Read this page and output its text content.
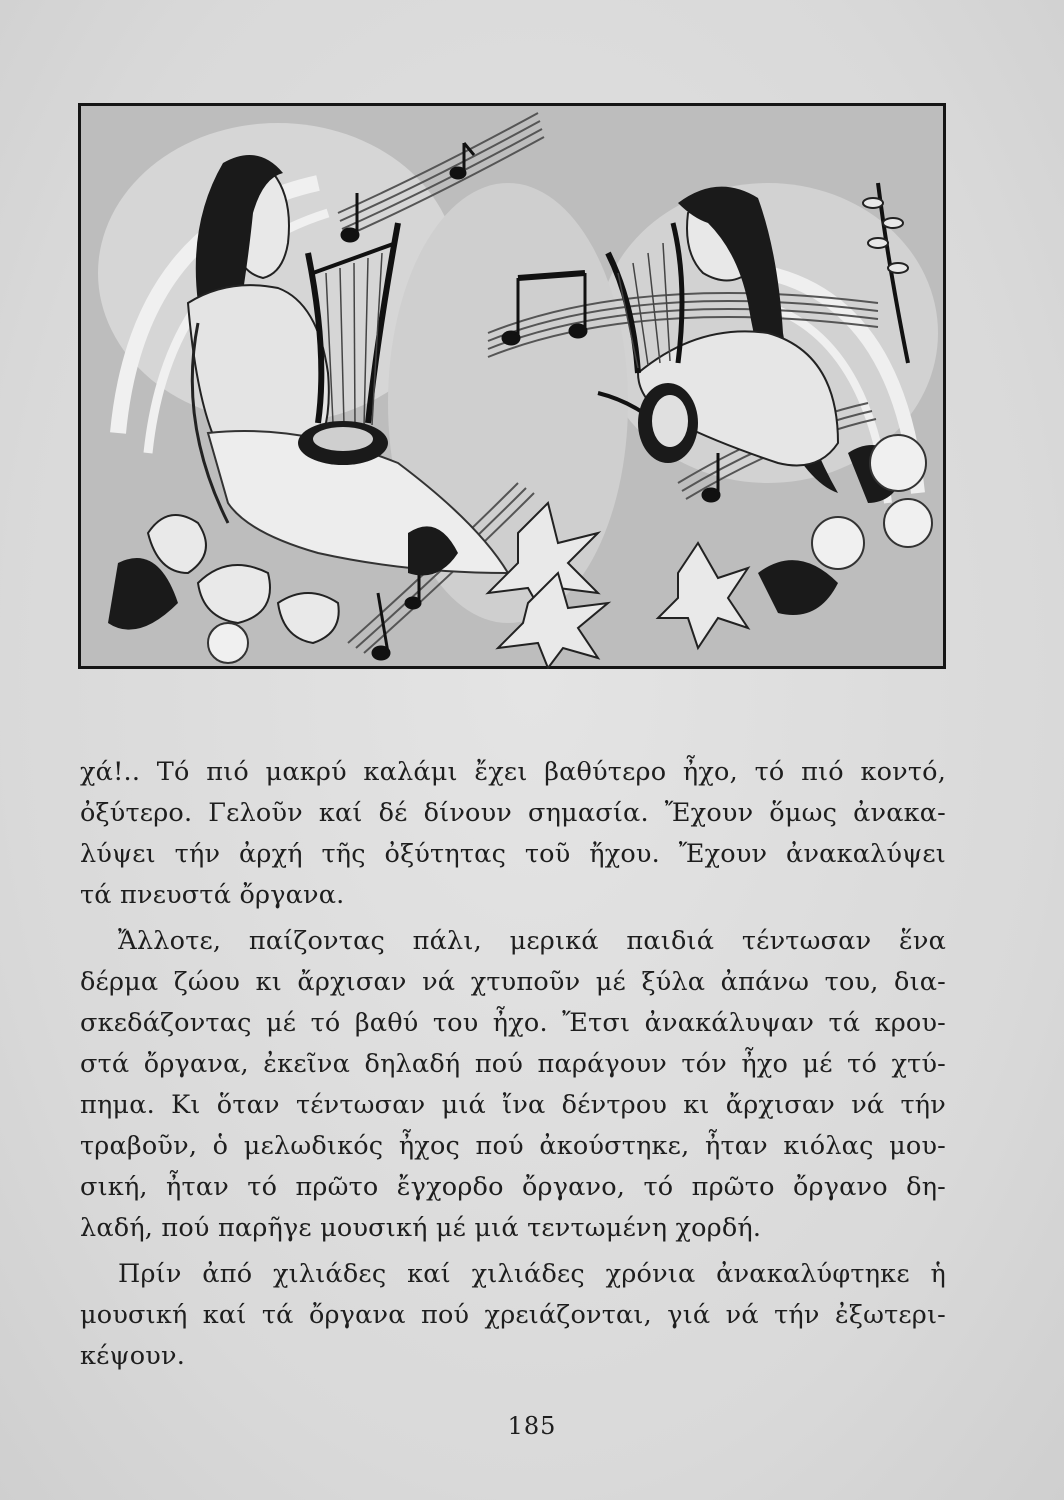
χά!.. Τό πιό μακρύ καλάμι ἔχει βαθύτερο ἦχο, τό πιό κοντό,
ὀξύτερο. Γελοῦν καί δέ δίνουν σημασία. Ἔχουν ὅμως ἀνακα-
λύψει τήν ἀρχή τῆς ὀξύτητας τοῦ ἤχου. Ἔχουν ἀνακαλύψει
τά πνευστά ὄργανα.

Ἄλλοτε, παίζοντας πάλι, μερικά παιδιά τέντωσαν ἕνα
δέρμα ζώου κι ἄρχισαν νά χτυποῦν μέ ξύλα ἀπάνω του, δια-
σκεδάζοντας μέ τό βαθύ του ἦχο. Ἔτσι ἀνακάλυψαν τά κρου-
στά ὄργανα, ἐκεῖνα δηλαδή πού παράγουν τόν ἦχο μέ τό χτύ-
πημα. Κι ὅταν τέντωσαν μιά ἴνα δέντρου κι ἄρχισαν νά τήν
τραβοῦν, ὁ μελωδικός ἦχος πού ἀκούστηκε, ἦταν κιόλας μου-
σική, ἦταν τό πρῶτο ἔγχορδο ὄργανο, τό πρῶτο ὄργανο δη-
λαδή, πού παρῆγε μουσική μέ μιά τεντωμένη χορδή.

Πρίν ἀπό χιλιάδες καί χιλιάδες χρόνια ἀνακαλύφτηκε ἡ
μουσική καί τά ὄργανα πού χρειάζονται, γιά νά τήν ἐξωτερι-
κέψουν.

185
